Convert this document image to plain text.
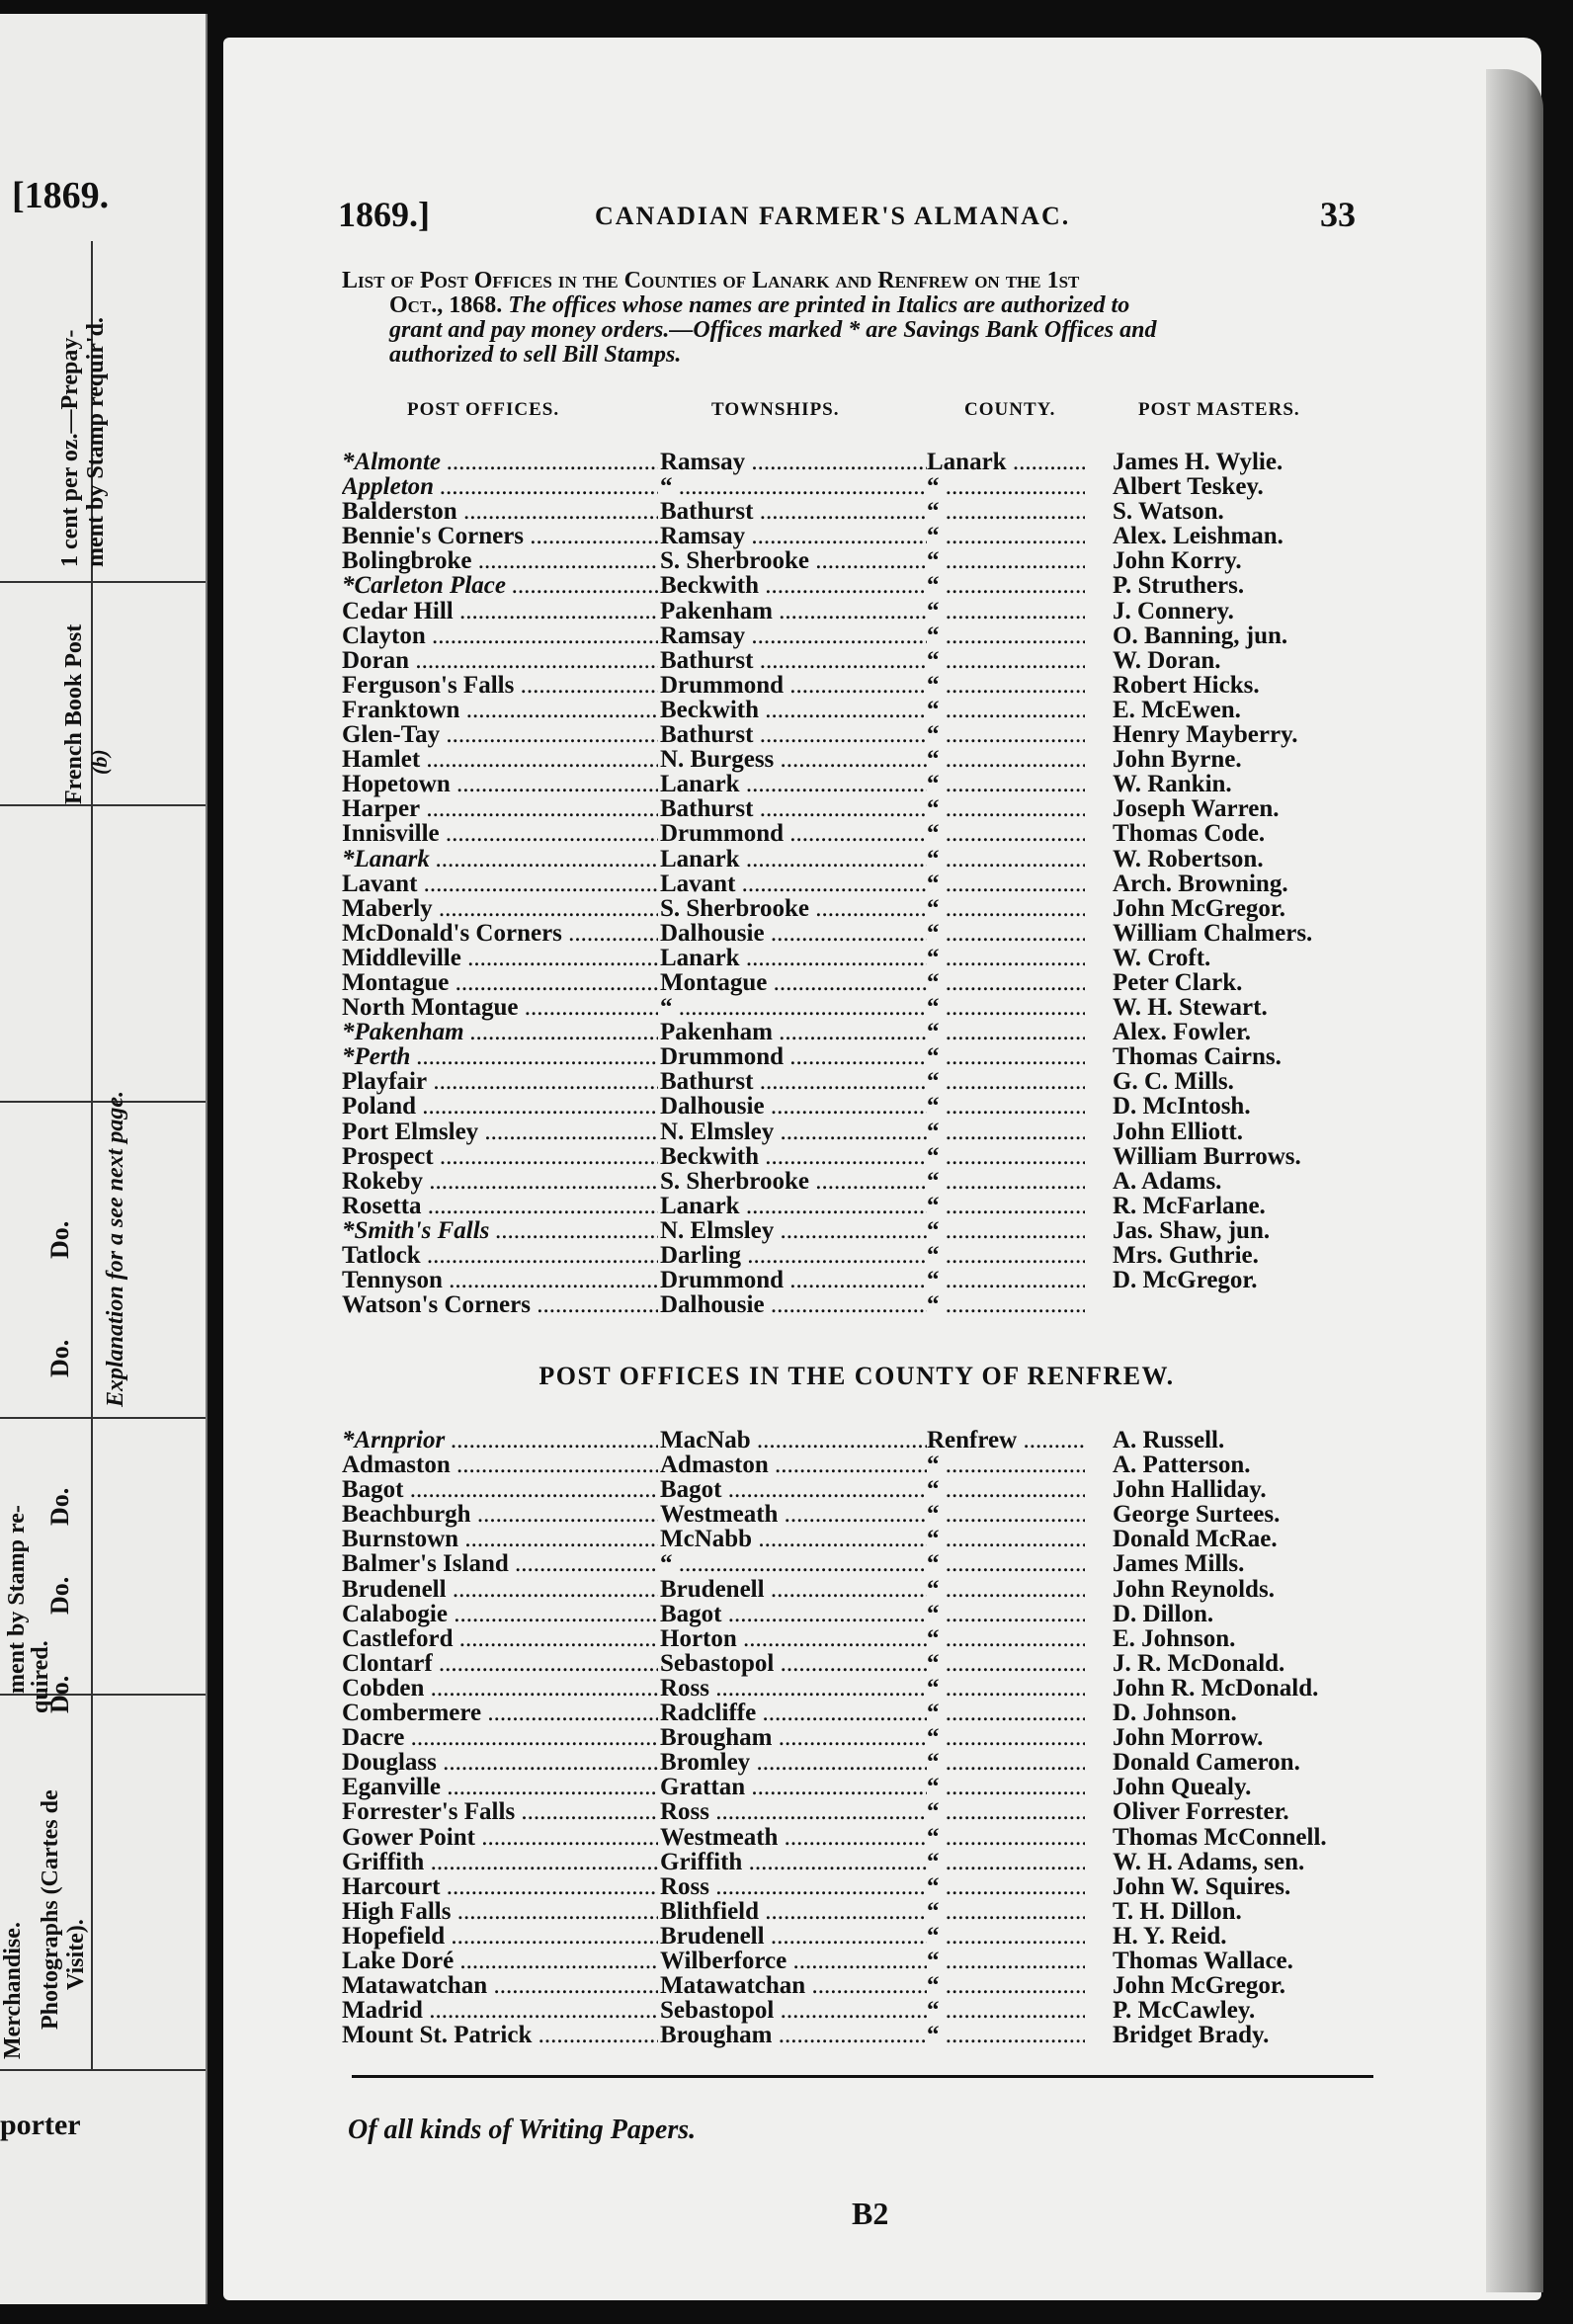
[1869.
1 cent per oz.—Prepay- ment by Stamp requir'd.
French Book Post (b)
Explanation for a see next page.
Do.
Do.
Do.
Do.
Do.
ment by Stamp re-
quired.
Photographs (Cartes de Visite).
Merchandise.
porter
1869.]	CANADIAN FARMER'S ALMANAC.	33
List of Post Offices in the Counties of Lanark and Renfrew on the 1st
Oct., 1868. The offices whose names are printed in Italics are authorized to
grant and pay money orders.—Offices marked * are Savings Bank Offices and
authorized to sell Bill Stamps.
POST OFFICES.	TOWNSHIPS.	COUNTY.	POST MASTERS.
*Almonte .....	Ramsay .....	Lanark .....	James H. Wylie.
Appleton .....	“ .....	“ .....	Albert Teskey.
Balderston .....	Bathurst .....	“ .....	S. Watson.
Bennie's Corners .....	Ramsay .....	“ .....	Alex. Leishman.
Bolingbroke .....	S. Sherbrooke .....	“ .....	John Korry.
*Carleton Place .....	Beckwith .....	“ .....	P. Struthers.
Cedar Hill .....	Pakenham .....	“ .....	J. Connery.
Clayton .....	Ramsay .....	“ .....	O. Banning, jun.
Doran .....	Bathurst .....	“ .....	W. Doran.
Ferguson's Falls .....	Drummond .....	“ .....	Robert Hicks.
Franktown .....	Beckwith .....	“ .....	E. McEwen.
Glen-Tay .....	Bathurst .....	“ .....	Henry Mayberry.
Hamlet .....	N. Burgess .....	“ .....	John Byrne.
Hopetown .....	Lanark .....	“ .....	W. Rankin.
Harper .....	Bathurst .....	“ .....	Joseph Warren.
Innisville .....	Drummond .....	“ .....	Thomas Code.
*Lanark .....	Lanark .....	“ .....	W. Robertson.
Lavant .....	Lavant .....	“ .....	Arch. Browning.
Maberly .....	S. Sherbrooke .....	“ .....	John McGregor.
McDonald's Corners .....	Dalhousie .....	“ .....	William Chalmers.
Middleville .....	Lanark .....	“ .....	W. Croft.
Montague .....	Montague .....	“ .....	Peter Clark.
North Montague .....	“ .....	“ .....	W. H. Stewart.
*Pakenham .....	Pakenham .....	“ .....	Alex. Fowler.
*Perth .....	Drummond .....	“ .....	Thomas Cairns.
Playfair .....	Bathurst .....	“ .....	G. C. Mills.
Poland .....	Dalhousie .....	“ .....	D. McIntosh.
Port Elmsley .....	N. Elmsley .....	“ .....	John Elliott.
Prospect .....	Beckwith .....	“ .....	William Burrows.
Rokeby .....	S. Sherbrooke .....	“ .....	A. Adams.
Rosetta .....	Lanark .....	“ .....	R. McFarlane.
*Smith's Falls .....	N. Elmsley .....	“ .....	Jas. Shaw, jun.
Tatlock .....	Darling .....	“ .....	Mrs. Guthrie.
Tennyson .....	Drummond .....	“ .....	D. McGregor.
Watson's Corners .....	Dalhousie .....	“ .....
POST OFFICES IN THE COUNTY OF RENFREW.
*Arnprior .....	MacNab .....	Renfrew .....	A. Russell.
Admaston .....	Admaston .....	“ .....	A. Patterson.
Bagot .....	Bagot .....	“ .....	John Halliday.
Beachburgh .....	Westmeath .....	“ .....	George Surtees.
Burnstown .....	McNabb .....	“ .....	Donald McRae.
Balmer's Island .....	“ .....	“ .....	James Mills.
Brudenell .....	Brudenell .....	“ .....	John Reynolds.
Calabogie .....	Bagot .....	“ .....	D. Dillon.
Castleford .....	Horton .....	“ .....	E. Johnson.
Clontarf .....	Sebastopol .....	“ .....	J. R. McDonald.
Cobden .....	Ross .....	“ .....	John R. McDonald.
Combermere .....	Radcliffe .....	“ .....	D. Johnson.
Dacre .....	Brougham .....	“ .....	John Morrow.
Douglass .....	Bromley .....	“ .....	Donald Cameron.
Eganville .....	Grattan .....	“ .....	John Quealy.
Forrester's Falls .....	Ross .....	“ .....	Oliver Forrester.
Gower Point .....	Westmeath .....	“ .....	Thomas McConnell.
Griffith .....	Griffith .....	“ .....	W. H. Adams, sen.
Harcourt .....	Ross .....	“ .....	John W. Squires.
High Falls .....	Blithfield .....	“ .....	T. H. Dillon.
Hopefield .....	Brudenell .....	“ .....	H. Y. Reid.
Lake Doré .....	Wilberforce .....	“ .....	Thomas Wallace.
Matawatchan .....	Matawatchan .....	“ .....	John McGregor.
Madrid .....	Sebastopol .....	“ .....	P. McCawley.
Mount St. Patrick .....	Brougham .....	“ .....	Bridget Brady.
Of all kinds of Writing Papers.
B2
